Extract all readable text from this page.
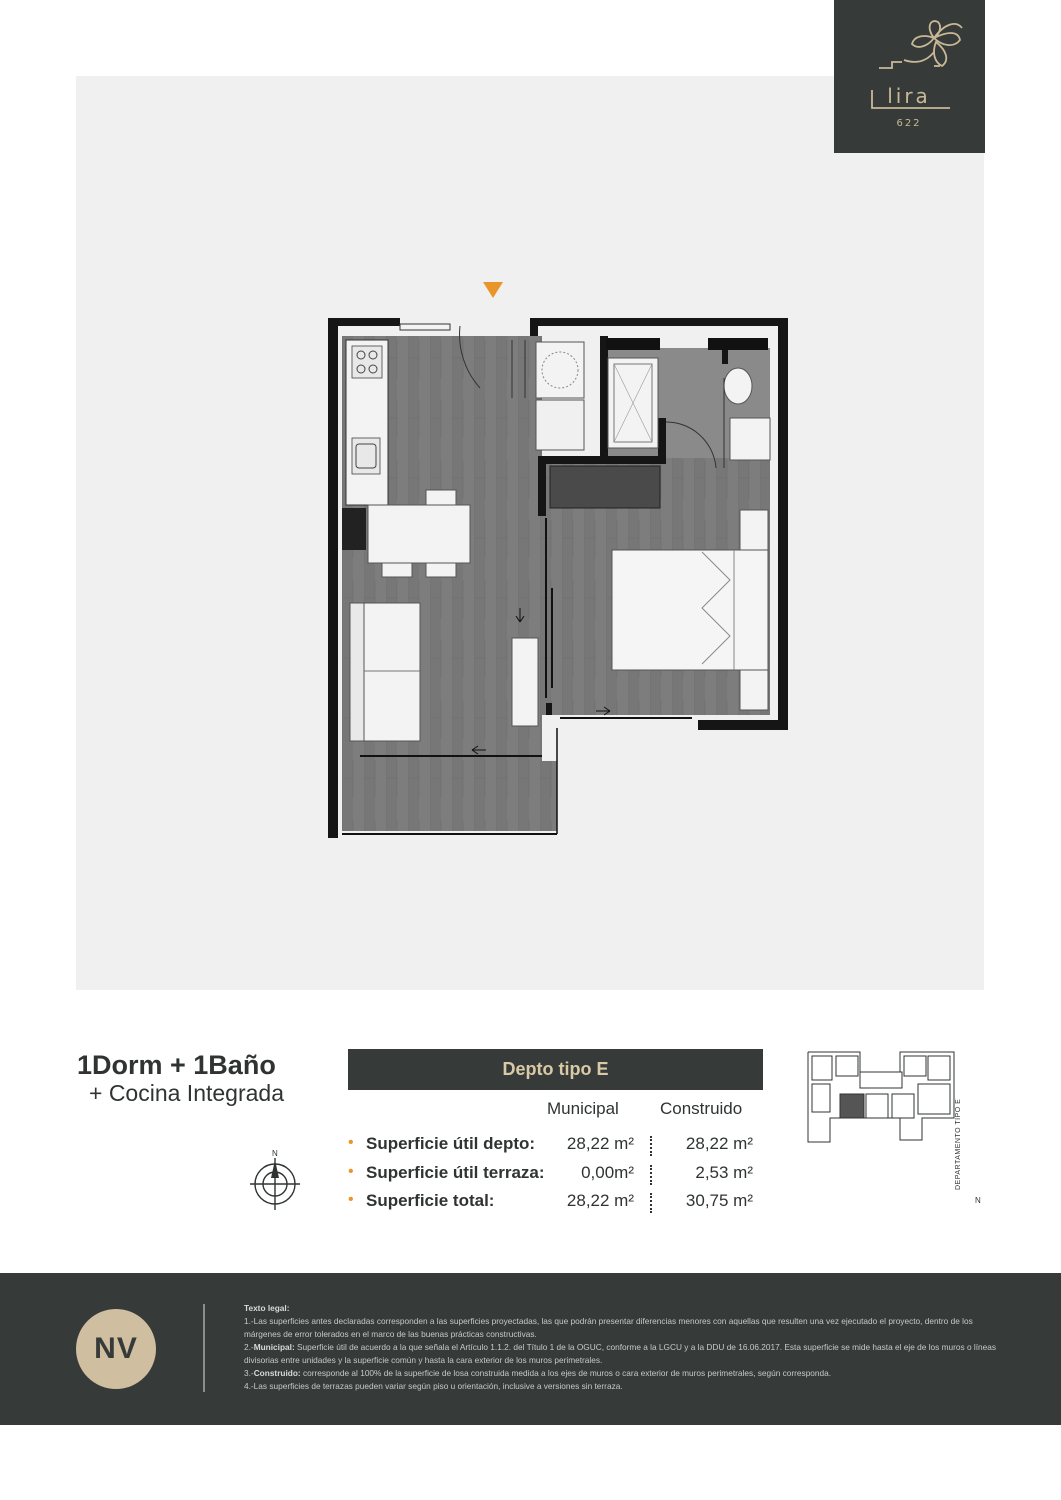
lira
622
1Dorm + 1Baño
+ Cocina Integrada
N
Depto tipo E
Municipal Construido
• Superficie útil depto:	28,22 m²	28,22 m²
• Superficie útil terraza:	0,00m²	2,53 m²
• Superficie total:	28,22 m²	30,75 m²
DEPARTAMENTO TIPO E
N
NV
Texto legal:
1.-Las superficies antes declaradas corresponden a las superficies proyectadas, las que podrán presentar diferencias menores con aquellas que resulten una vez ejecutado el proyecto, dentro de los márgenes de error tolerados en el marco de las buenas prácticas constructivas.
2.-Municipal: Superficie útil de acuerdo a la que señala el Artículo 1.1.2. del Título 1 de la OGUC, conforme a la LGCU y a la DDU de 16.06.2017. Esta superficie se mide hasta el eje de los muros o líneas divisorias entre unidades y la superficie común y hasta la cara exterior de los muros perimetrales.
3.-Construido: corresponde al 100% de la superficie de losa construida medida a los ejes de muros o cara exterior de muros perimetrales, según corresponda.
4.-Las superficies de terrazas pueden variar según piso u orientación, inclusive a versiones sin terraza.
